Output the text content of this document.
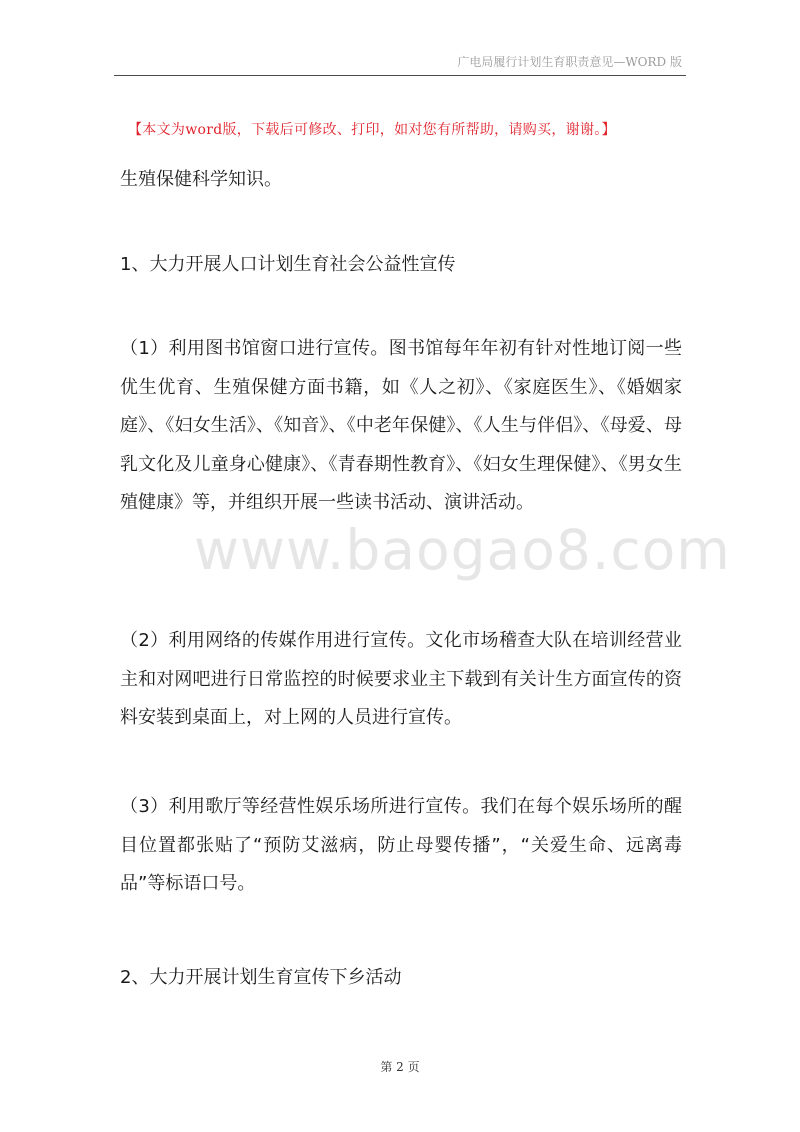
广电局履行计划生育职责意见—WORD 版
【本文为word版，下载后可修改、打印，如对您有所帮助，请购买，谢谢。】
生殖保健科学知识。
1、大力开展人口计划生育社会公益性宣传
（1）利用图书馆窗口进行宣传。图书馆每年年初有针对性地订阅一些优生优育、生殖保健方面书籍，如《人之初》、《家庭医生》、《婚姻家庭》、《妇女生活》、《知音》、《中老年保健》、《人生与伴侣》、《母爱、母乳文化及儿童身心健康》、《青春期性教育》、《妇女生理保健》、《男女生殖健康》等，并组织开展一些读书活动、演讲活动。
（2）利用网络的传媒作用进行宣传。文化市场稽查大队在培训经营业主和对网吧进行日常监控的时候要求业主下载到有关计生方面宣传的资料安装到桌面上，对上网的人员进行宣传。
（3）利用歌厅等经营性娱乐场所进行宣传。我们在每个娱乐场所的醒目位置都张贴了“预防艾滋病，防止母婴传播”，“关爱生命、远离毒品”等标语口号。
2、大力开展计划生育宣传下乡活动
www.baogao8.com
第 2 页
